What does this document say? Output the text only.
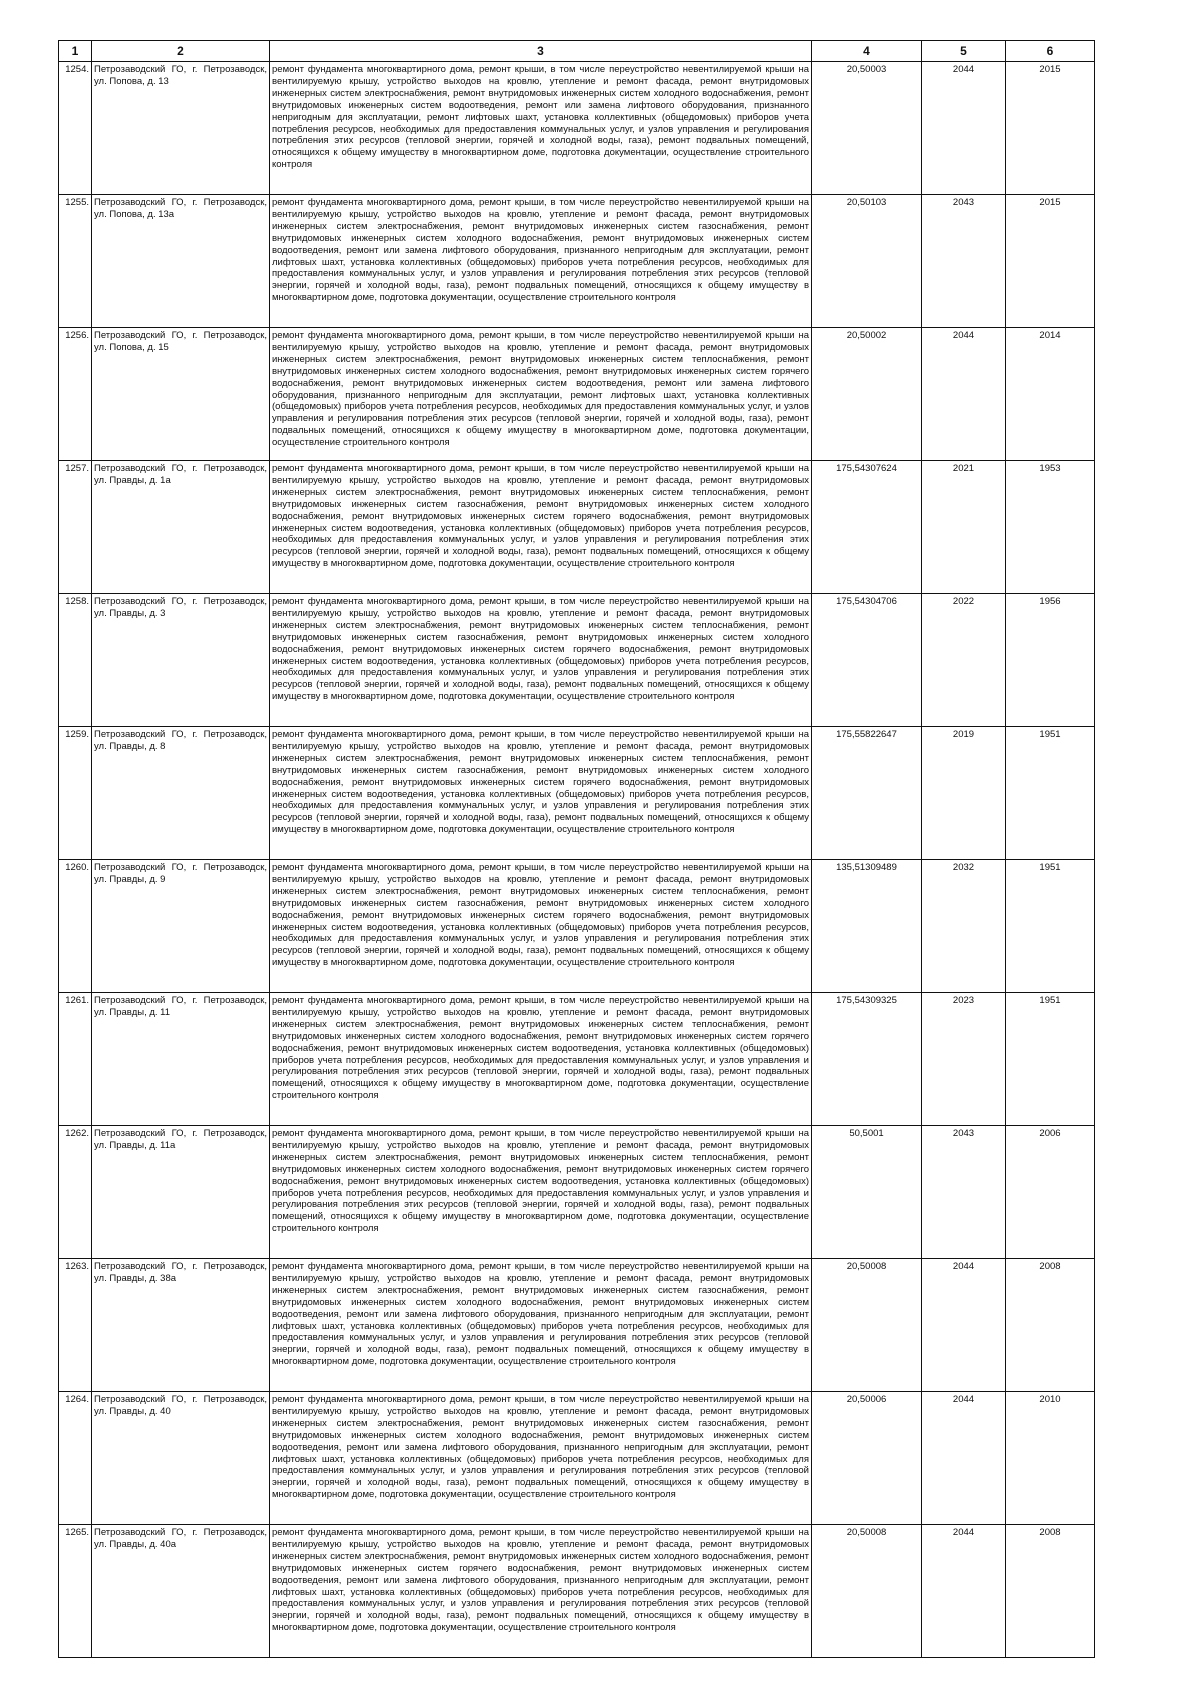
1	2	3	4	5	6
1254.	Петрозаводский ГО, г. Петрозаводск, ул. Попова, д. 13	ремонт фундамента многоквартирного дома, ремонт крыши, в том числе переустройство невентилируемой крыши на вентилируемую крышу, устройство выходов на кровлю, утепление и ремонт фасада, ремонт внутридомовых инженерных систем электроснабжения, ремонт внутридомовых инженерных систем холодного водоснабжения, ремонт внутридомовых инженерных систем водоотведения, ремонт или замена лифтового оборудования, признанного непригодным для эксплуатации, ремонт лифтовых шахт, установка коллективных (общедомовых) приборов учета потребления ресурсов, необходимых для предоставления коммунальных услуг, и узлов управления и регулирования потребления этих ресурсов (тепловой энергии, горячей и холодной воды, газа), ремонт подвальных помещений, относящихся к общему имуществу в многоквартирном доме, подготовка документации, осуществление строительного контроля	20,50003	2044	2015
1255.	Петрозаводский ГО, г. Петрозаводск, ул. Попова, д. 13а	ремонт фундамента многоквартирного дома, ремонт крыши, в том числе переустройство невентилируемой крыши на вентилируемую крышу, устройство выходов на кровлю, утепление и ремонт фасада, ремонт внутридомовых инженерных систем электроснабжения, ремонт внутридомовых инженерных систем газоснабжения, ремонт внутридомовых инженерных систем холодного водоснабжения, ремонт внутридомовых инженерных систем водоотведения, ремонт или замена лифтового оборудования, признанного непригодным для эксплуатации, ремонт лифтовых шахт, установка коллективных (общедомовых) приборов учета потребления ресурсов, необходимых для предоставления коммунальных услуг, и узлов управления и регулирования потребления этих ресурсов (тепловой энергии, горячей и холодной воды, газа), ремонт подвальных помещений, относящихся к общему имуществу в многоквартирном доме, подготовка документации, осуществление строительного контроля	20,50103	2043	2015
1256.	Петрозаводский ГО, г. Петрозаводск, ул. Попова, д. 15	ремонт фундамента многоквартирного дома, ремонт крыши, в том числе переустройство невентилируемой крыши на вентилируемую крышу, устройство выходов на кровлю, утепление и ремонт фасада, ремонт внутридомовых инженерных систем электроснабжения, ремонт внутридомовых инженерных систем теплоснабжения, ремонт внутридомовых инженерных систем холодного водоснабжения, ремонт внутридомовых инженерных систем горячего водоснабжения, ремонт внутридомовых инженерных систем водоотведения, ремонт или замена лифтового оборудования, признанного непригодным для эксплуатации, ремонт лифтовых шахт, установка коллективных (общедомовых) приборов учета потребления ресурсов, необходимых для предоставления коммунальных услуг, и узлов управления и регулирования потребления этих ресурсов (тепловой энергии, горячей и холодной воды, газа), ремонт подвальных помещений, относящихся к общему имуществу в многоквартирном доме, подготовка документации, осуществление строительного контроля	20,50002	2044	2014
1257.	Петрозаводский ГО, г. Петрозаводск, ул. Правды, д. 1а	ремонт фундамента многоквартирного дома, ремонт крыши, в том числе переустройство невентилируемой крыши на вентилируемую крышу, устройство выходов на кровлю, утепление и ремонт фасада, ремонт внутридомовых инженерных систем электроснабжения, ремонт внутридомовых инженерных систем теплоснабжения, ремонт внутридомовых инженерных систем газоснабжения, ремонт внутридомовых инженерных систем холодного водоснабжения, ремонт внутридомовых инженерных систем горячего водоснабжения, ремонт внутридомовых инженерных систем водоотведения, установка коллективных (общедомовых) приборов учета потребления ресурсов, необходимых для предоставления коммунальных услуг, и узлов управления и регулирования потребления этих ресурсов (тепловой энергии, горячей и холодной воды, газа), ремонт подвальных помещений, относящихся к общему имуществу в многоквартирном доме, подготовка документации, осуществление строительного контроля	175,54307624	2021	1953
1258.	Петрозаводский ГО, г. Петрозаводск, ул. Правды, д. 3	ремонт фундамента многоквартирного дома, ремонт крыши, в том числе переустройство невентилируемой крыши на вентилируемую крышу, устройство выходов на кровлю, утепление и ремонт фасада, ремонт внутридомовых инженерных систем электроснабжения, ремонт внутридомовых инженерных систем теплоснабжения, ремонт внутридомовых инженерных систем газоснабжения, ремонт внутридомовых инженерных систем холодного водоснабжения, ремонт внутридомовых инженерных систем горячего водоснабжения, ремонт внутридомовых инженерных систем водоотведения, установка коллективных (общедомовых) приборов учета потребления ресурсов, необходимых для предоставления коммунальных услуг, и узлов управления и регулирования потребления этих ресурсов (тепловой энергии, горячей и холодной воды, газа), ремонт подвальных помещений, относящихся к общему имуществу в многоквартирном доме, подготовка документации, осуществление строительного контроля	175,54304706	2022	1956
1259.	Петрозаводский ГО, г. Петрозаводск, ул. Правды, д. 8	ремонт фундамента многоквартирного дома, ремонт крыши, в том числе переустройство невентилируемой крыши на вентилируемую крышу, устройство выходов на кровлю, утепление и ремонт фасада, ремонт внутридомовых инженерных систем электроснабжения, ремонт внутридомовых инженерных систем теплоснабжения, ремонт внутридомовых инженерных систем газоснабжения, ремонт внутридомовых инженерных систем холодного водоснабжения, ремонт внутридомовых инженерных систем горячего водоснабжения, ремонт внутридомовых инженерных систем водоотведения, установка коллективных (общедомовых) приборов учета потребления ресурсов, необходимых для предоставления коммунальных услуг, и узлов управления и регулирования потребления этих ресурсов (тепловой энергии, горячей и холодной воды, газа), ремонт подвальных помещений, относящихся к общему имуществу в многоквартирном доме, подготовка документации, осуществление строительного контроля	175,55822647	2019	1951
1260.	Петрозаводский ГО, г. Петрозаводск, ул. Правды, д. 9	ремонт фундамента многоквартирного дома, ремонт крыши, в том числе переустройство невентилируемой крыши на вентилируемую крышу, устройство выходов на кровлю, утепление и ремонт фасада, ремонт внутридомовых инженерных систем электроснабжения, ремонт внутридомовых инженерных систем теплоснабжения, ремонт внутридомовых инженерных систем газоснабжения, ремонт внутридомовых инженерных систем холодного водоснабжения, ремонт внутридомовых инженерных систем горячего водоснабжения, ремонт внутридомовых инженерных систем водоотведения, установка коллективных (общедомовых) приборов учета потребления ресурсов, необходимых для предоставления коммунальных услуг, и узлов управления и регулирования потребления этих ресурсов (тепловой энергии, горячей и холодной воды, газа), ремонт подвальных помещений, относящихся к общему имуществу в многоквартирном доме, подготовка документации, осуществление строительного контроля	135,51309489	2032	1951
1261.	Петрозаводский ГО, г. Петрозаводск, ул. Правды, д. 11	ремонт фундамента многоквартирного дома, ремонт крыши, в том числе переустройство невентилируемой крыши на вентилируемую крышу, устройство выходов на кровлю, утепление и ремонт фасада, ремонт внутридомовых инженерных систем электроснабжения, ремонт внутридомовых инженерных систем теплоснабжения, ремонт внутридомовых инженерных систем холодного водоснабжения, ремонт внутридомовых инженерных систем горячего водоснабжения, ремонт внутридомовых инженерных систем водоотведения, установка коллективных (общедомовых) приборов учета потребления ресурсов, необходимых для предоставления коммунальных услуг, и узлов управления и регулирования потребления этих ресурсов (тепловой энергии, горячей и холодной воды, газа), ремонт подвальных помещений, относящихся к общему имуществу в многоквартирном доме, подготовка документации, осуществление строительного контроля	175,54309325	2023	1951
1262.	Петрозаводский ГО, г. Петрозаводск, ул. Правды, д. 11а	ремонт фундамента многоквартирного дома, ремонт крыши, в том числе переустройство невентилируемой крыши на вентилируемую крышу, устройство выходов на кровлю, утепление и ремонт фасада, ремонт внутридомовых инженерных систем электроснабжения, ремонт внутридомовых инженерных систем теплоснабжения, ремонт внутридомовых инженерных систем холодного водоснабжения, ремонт внутридомовых инженерных систем горячего водоснабжения, ремонт внутридомовых инженерных систем водоотведения, установка коллективных (общедомовых) приборов учета потребления ресурсов, необходимых для предоставления коммунальных услуг, и узлов управления и регулирования потребления этих ресурсов (тепловой энергии, горячей и холодной воды, газа), ремонт подвальных помещений, относящихся к общему имуществу в многоквартирном доме, подготовка документации, осуществление строительного контроля	50,5001	2043	2006
1263.	Петрозаводский ГО, г. Петрозаводск, ул. Правды, д. 38а	ремонт фундамента многоквартирного дома, ремонт крыши, в том числе переустройство невентилируемой крыши на вентилируемую крышу, устройство выходов на кровлю, утепление и ремонт фасада, ремонт внутридомовых инженерных систем электроснабжения, ремонт внутридомовых инженерных систем газоснабжения, ремонт внутридомовых инженерных систем холодного водоснабжения, ремонт внутридомовых инженерных систем водоотведения, ремонт или замена лифтового оборудования, признанного непригодным для эксплуатации, ремонт лифтовых шахт, установка коллективных (общедомовых) приборов учета потребления ресурсов, необходимых для предоставления коммунальных услуг, и узлов управления и регулирования потребления этих ресурсов (тепловой энергии, горячей и холодной воды, газа), ремонт подвальных помещений, относящихся к общему имуществу в многоквартирном доме, подготовка документации, осуществление строительного контроля	20,50008	2044	2008
1264.	Петрозаводский ГО, г. Петрозаводск, ул. Правды, д. 40	ремонт фундамента многоквартирного дома, ремонт крыши, в том числе переустройство невентилируемой крыши на вентилируемую крышу, устройство выходов на кровлю, утепление и ремонт фасада, ремонт внутридомовых инженерных систем электроснабжения, ремонт внутридомовых инженерных систем газоснабжения, ремонт внутридомовых инженерных систем холодного водоснабжения, ремонт внутридомовых инженерных систем водоотведения, ремонт или замена лифтового оборудования, признанного непригодным для эксплуатации, ремонт лифтовых шахт, установка коллективных (общедомовых) приборов учета потребления ресурсов, необходимых для предоставления коммунальных услуг, и узлов управления и регулирования потребления этих ресурсов (тепловой энергии, горячей и холодной воды, газа), ремонт подвальных помещений, относящихся к общему имуществу в многоквартирном доме, подготовка документации, осуществление строительного контроля	20,50006	2044	2010
1265.	Петрозаводский ГО, г. Петрозаводск, ул. Правды, д. 40а	ремонт фундамента многоквартирного дома, ремонт крыши, в том числе переустройство невентилируемой крыши на вентилируемую крышу, устройство выходов на кровлю, утепление и ремонт фасада, ремонт внутридомовых инженерных систем электроснабжения, ремонт внутридомовых инженерных систем холодного водоснабжения, ремонт внутридомовых инженерных систем горячего водоснабжения, ремонт внутридомовых инженерных систем водоотведения, ремонт или замена лифтового оборудования, признанного непригодным для эксплуатации, ремонт лифтовых шахт, установка коллективных (общедомовых) приборов учета потребления ресурсов, необходимых для предоставления коммунальных услуг, и узлов управления и регулирования потребления этих ресурсов (тепловой энергии, горячей и холодной воды, газа), ремонт подвальных помещений, относящихся к общему имуществу в многоквартирном доме, подготовка документации, осуществление строительного контроля	20,50008	2044	2008
